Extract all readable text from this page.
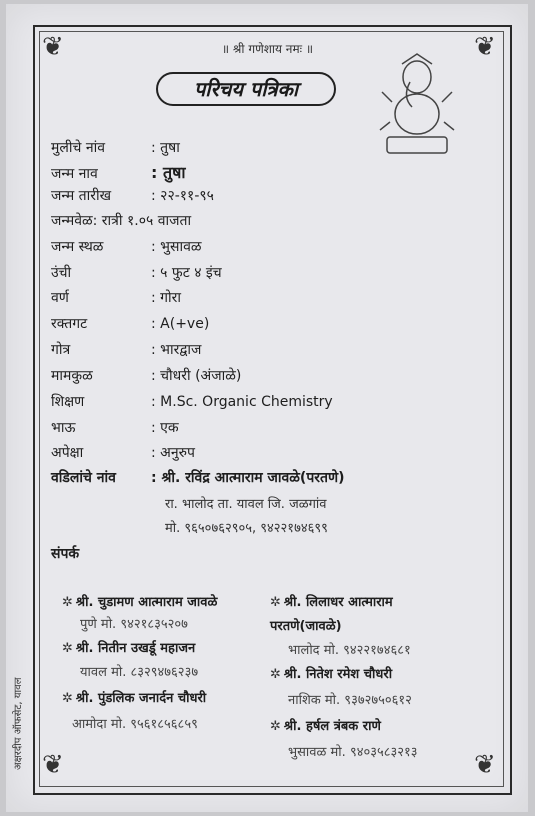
❦	❦
❦	❦
॥ श्री गणेशाय नमः ॥
परिचय पत्रिका
मुलीचे नांव	: तुषा
जन्म नाव	: तुषा
जन्म तारीख	: २२-११-९५
जन्मवेळ: रात्री १.०५ वाजता
जन्म स्थळ	: भुसावळ
उंची	: ५ फुट ४ इंच
वर्ण	: गोरा
रक्तगट	: A(+ve)
गोत्र	: भारद्वाज
मामकुळ	: चौधरी (अंजाळे)
शिक्षण	: M.Sc. Organic Chemistry
भाऊ	: एक
अपेक्षा	: अनुरुप
वडिलांचे नांव	: श्री. रविंद्र आत्माराम जावळे(परतणे)
रा. भालोद ता. यावल जि. जळगांव
मो. ९६५०७६२९०५, ९४२२१७४६९९
संपर्क
✲ श्री. चुडामण आत्माराम जावळे
पुणे मो. ९४२१८३५२०७
✲ श्री. नितीन उखर्डू महाजन
यावल मो. ८३२९४७६२३७
✲ श्री. पुंडलिक जनार्दन चौधरी
आमोदा मो. ९५६१८५६८५९
✲ श्री. लिलाधर आत्माराम
परतणे(जावळे)
भालोद मो. ९४२२१७४६८१
✲ श्री. नितेश रमेश चौधरी
नाशिक मो. ९३७२७५०६१२
✲ श्री. हर्षल त्रंबक राणे
भुसावळ मो. ९४०३५८३२१३
अक्षरदीप ऑफसेट, यावल
